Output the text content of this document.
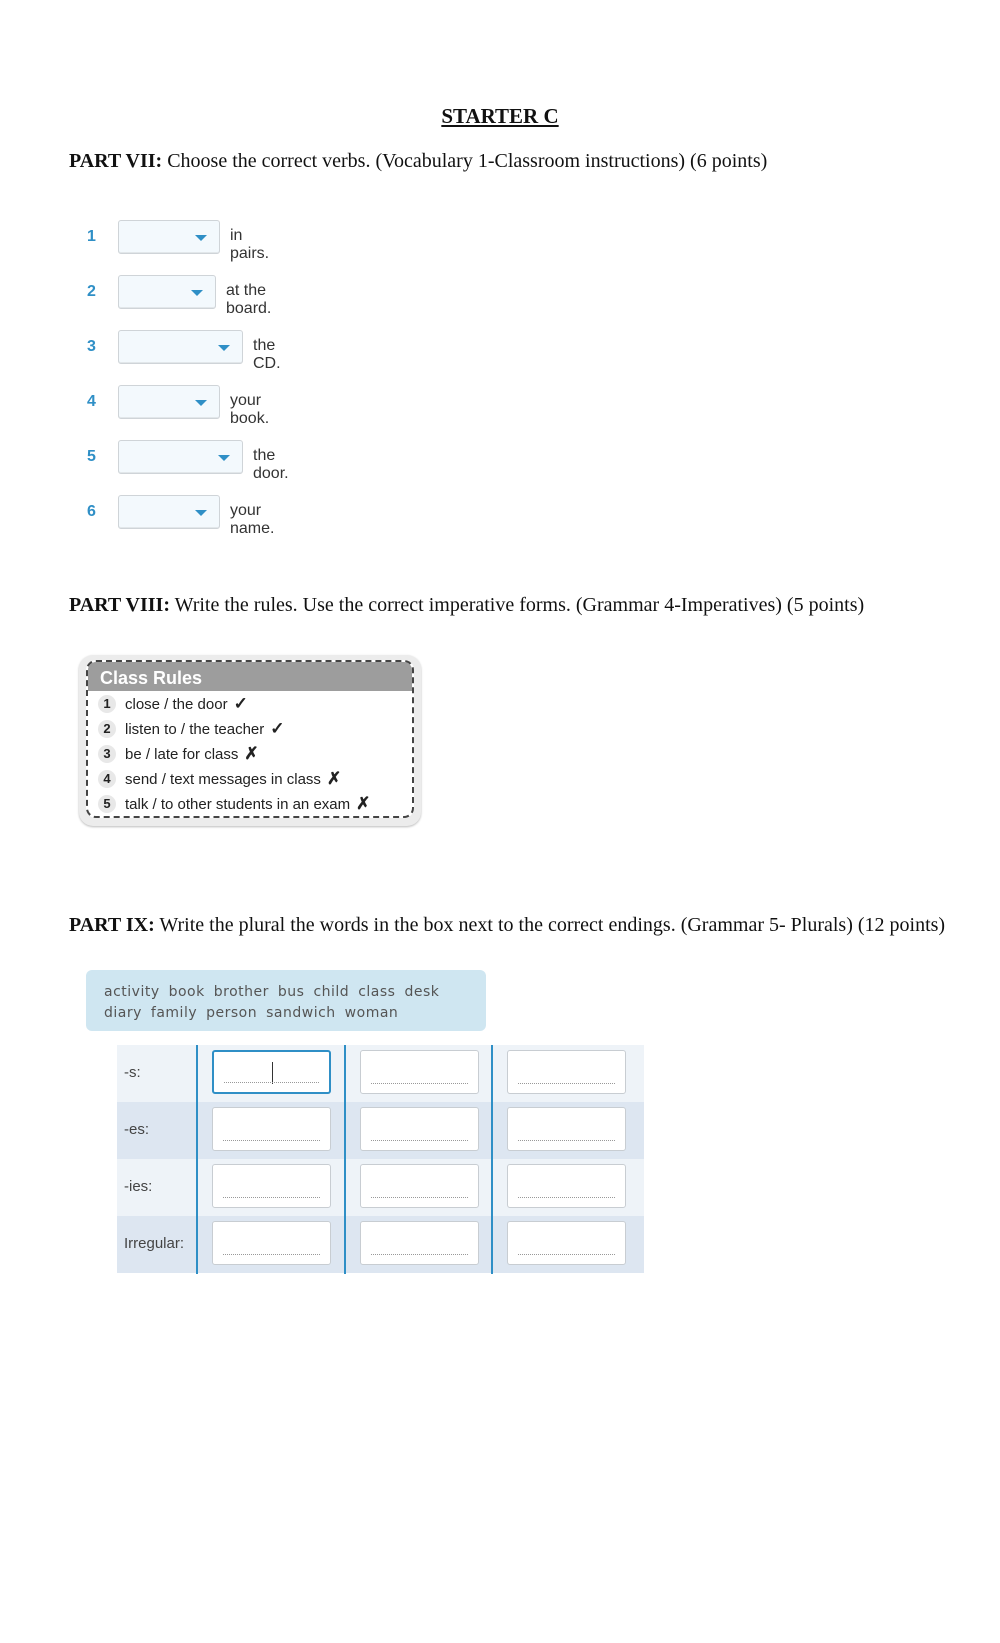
STARTER C
PART VII: Choose the correct verbs. (Vocabulary 1-Classroom instructions) (6 points)
1	in pairs.
2	at the board.
3	the CD.
4	your book.
5	the door.
6	your name.
PART VIII: Write the rules. Use the correct imperative forms. (Grammar 4-Imperatives) (5 points)
Class Rules
1 close / the door ✓
2 listen to / the teacher ✓
3 be / late for class ✗
4 send / text messages in class ✗
5 talk / to other students in an exam ✗
PART IX: Write the plural the words in the box next to the correct endings. (Grammar 5- Plurals) (12 points)
activity book brother bus child class desk
diary family person sandwich woman
-s:
-es:
-ies:
Irregular:
